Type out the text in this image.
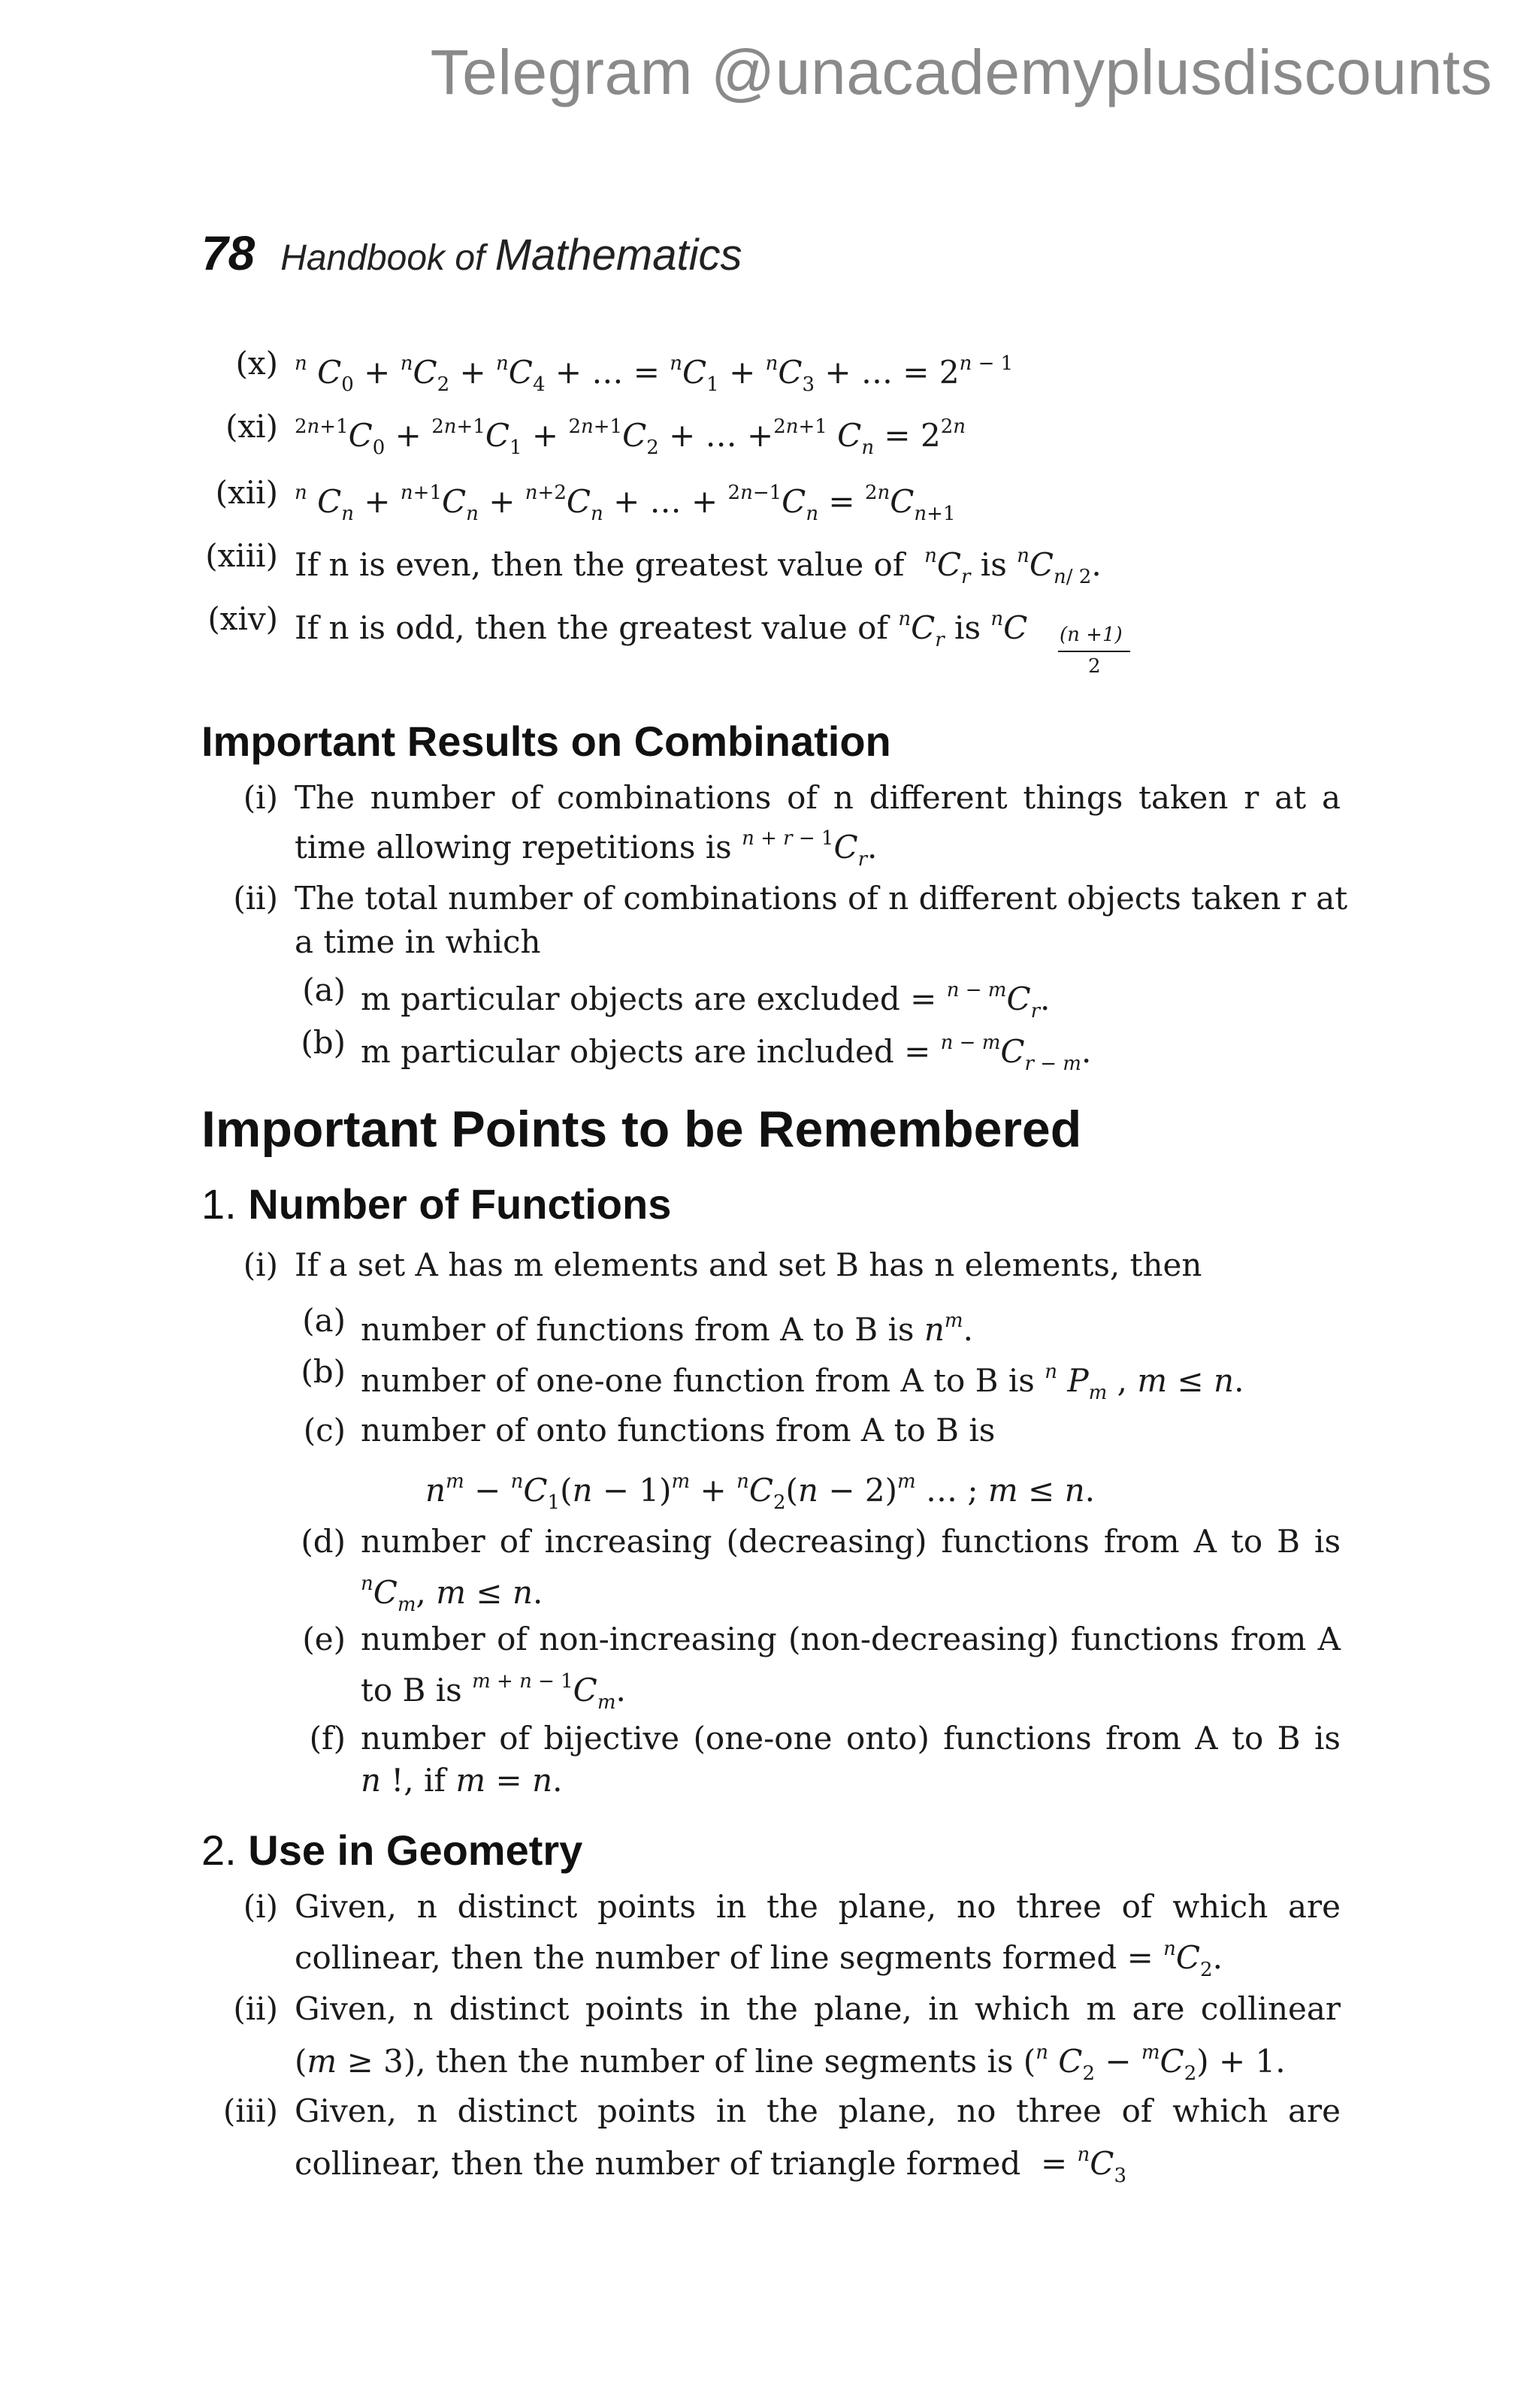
Telegram @unacademyplusdiscounts
78 Handbook of Mathematics
(x) $^n$ $C_0 + ^nC_2 + ^nC_4$ + … = $^nC_1 + ^nC_3$ + … = $2^n$ $^{- 1}$
(xi) $^{2n+1}C_0 + ^{2n+1}C_1 + ^{2n+1}C_2$ + … +$^{2n+1}$ $C_n = 2^{2n}$
(xii) $^n$ $C_n + ^{n+1}C_n + ^{n+2}C_n$ + … + $^{2n-1}C_n = ^{2n}C_{n+1}$
(xiii) If n is even, then the greatest value of $^nC_r$ is $^nC_{n/ 2}$.
(xiv) If n is odd, then the greatest value of $^nC_r$ is $^n$C (n +1)
2
Important Results on Combination
(i) The number of combinations of n different things taken r at a
time allowing repetitions is $^n$ + $^r$ $^{- 1}C_r$.
(ii) The total number of combinations of n different objects taken r at
a time in which
(a) m particular objects are excluded = $^n$ − $^mC_r$.
(b) m particular objects are included = $^n$ − $^mC_{r - m}$.
Important Points to be Remembered
1. Number of Functions
(i) If a set A has m elements and set B has n elements, then
(a) number of functions from A to B is $n^m$.
(b) number of one-one function from A to B is $^n$ $P_m$ , m ≤ n.
(c) number of onto functions from A to B is
$n^m - ^nC_1(n - 1)^m + ^nC_2(n - 2)^m$ … ; m ≤ n.
(d) number of increasing (decreasing) functions from A to B is
$^nC_m$, m ≤ n.
(e) number of non-increasing (non-decreasing) functions from A
to B is $^m$ + $^n$ $^{- 1}C_m$.
(f) number of bijective (one-one onto) functions from A to B is
n !, if m = n.
2. Use in Geometry
(i) Given, n distinct points in the plane, no three of which are
collinear, then the number of line segments formed = $^nC_2$.
(ii) Given, n distinct points in the plane, in which m are collinear
(m ≥ 3), then the number of line segments is ($^n$ $C_2 - ^mC_2) + 1$.
(iii) Given, n distinct points in the plane, no three of which are
collinear, then the number of triangle formed  = $^nC_3$
